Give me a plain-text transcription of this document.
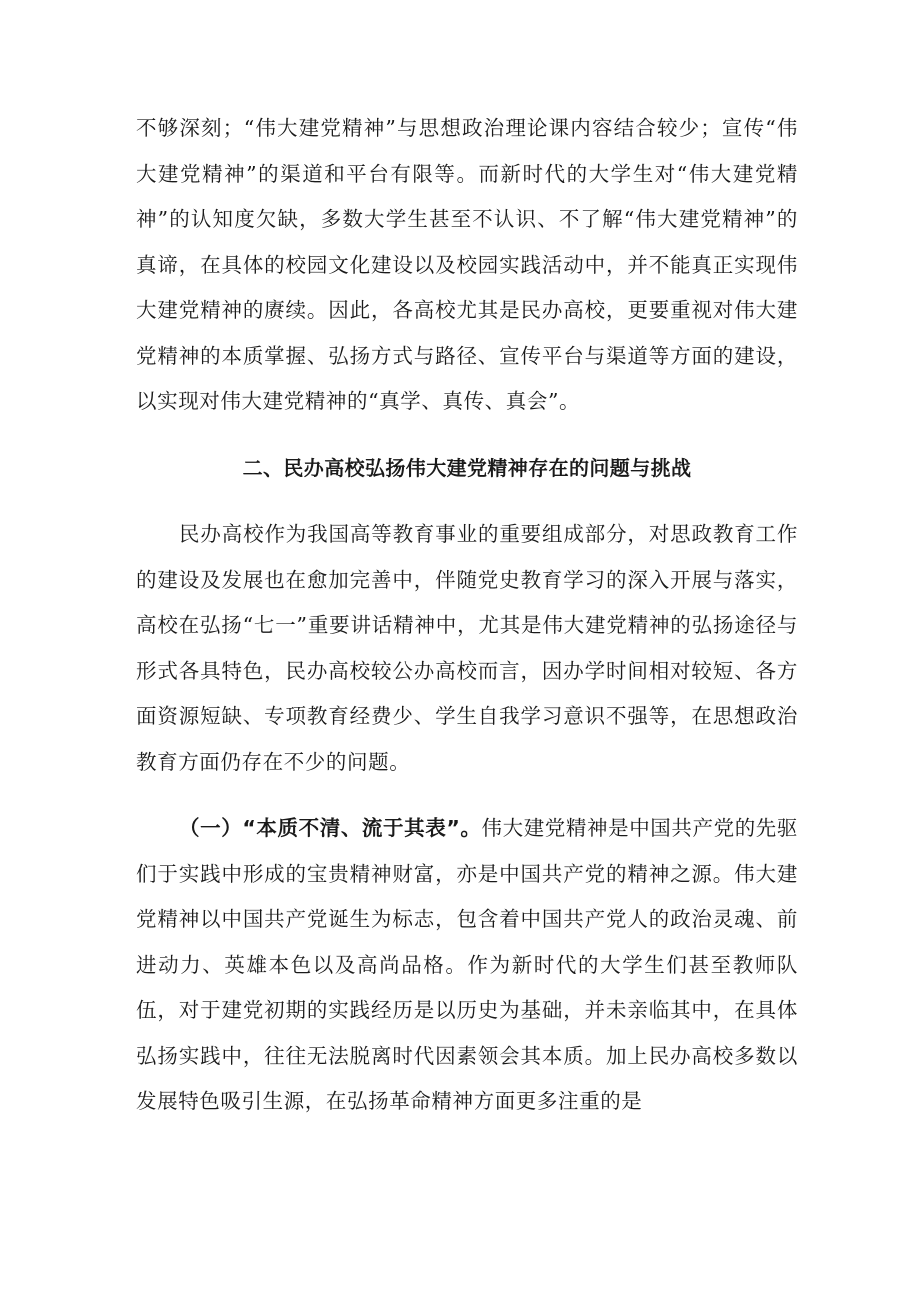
不够深刻；“伟大建党精神”与思想政治理论课内容结合较少；宣传“伟大建党精神”的渠道和平台有限等。而新时代的大学生对“伟大建党精神”的认知度欠缺，多数大学生甚至不认识、不了解“伟大建党精神”的真谛，在具体的校园文化建设以及校园实践活动中，并不能真正实现伟大建党精神的赓续。因此，各高校尤其是民办高校，更要重视对伟大建党精神的本质掌握、弘扬方式与路径、宣传平台与渠道等方面的建设，以实现对伟大建党精神的“真学、真传、真会”。

二、民办高校弘扬伟大建党精神存在的问题与挑战

民办高校作为我国高等教育事业的重要组成部分，对思政教育工作的建设及发展也在愈加完善中，伴随党史教育学习的深入开展与落实，高校在弘扬“七一”重要讲话精神中，尤其是伟大建党精神的弘扬途径与形式各具特色，民办高校较公办高校而言，因办学时间相对较短、各方面资源短缺、专项教育经费少、学生自我学习意识不强等，在思想政治教育方面仍存在不少的问题。

（一）“本质不清、流于其表”。伟大建党精神是中国共产党的先驱们于实践中形成的宝贵精神财富，亦是中国共产党的精神之源。伟大建党精神以中国共产党诞生为标志，包含着中国共产党人的政治灵魂、前进动力、英雄本色以及高尚品格。作为新时代的大学生们甚至教师队伍，对于建党初期的实践经历是以历史为基础，并未亲临其中，在具体弘扬实践中，往往无法脱离时代因素领会其本质。加上民办高校多数以发展特色吸引生源，在弘扬革命精神方面更多注重的是
